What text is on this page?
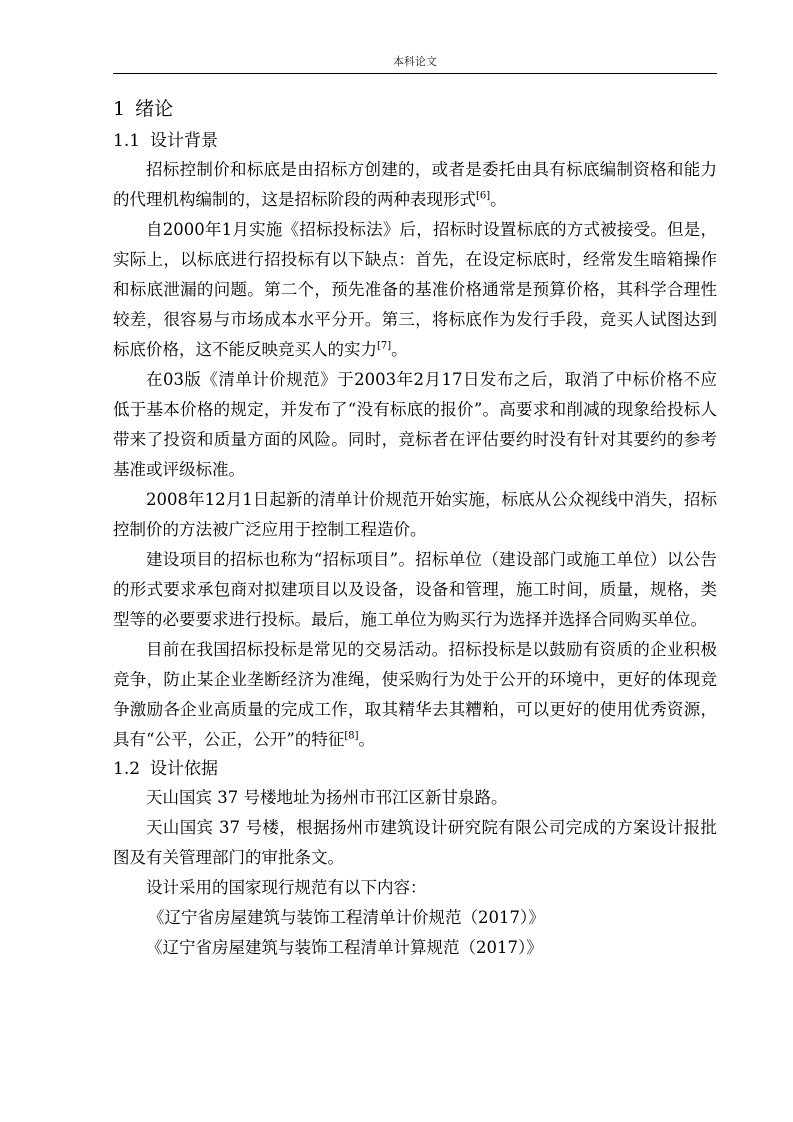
本科论文
1 绪论
1.1 设计背景

招标控制价和标底是由招标方创建的，或者是委托由具有标底编制资格和能力的代理机构编制的，这是招标阶段的两种表现形式[6]。

自2000年1月实施《招标投标法》后，招标时设置标底的方式被接受。但是，实际上，以标底进行招投标有以下缺点：首先，在设定标底时，经常发生暗箱操作和标底泄漏的问题。第二个，预先准备的基准价格通常是预算价格，其科学合理性较差，很容易与市场成本水平分开。第三，将标底作为发行手段，竞买人试图达到标底价格，这不能反映竞买人的实力[7]。

在03版《清单计价规范》于2003年2月17日发布之后，取消了中标价格不应低于基本价格的规定，并发布了“没有标底的报价”。高要求和削减的现象给投标人带来了投资和质量方面的风险。同时，竞标者在评估要约时没有针对其要约的参考基准或评级标准。

2008年12月1日起新的清单计价规范开始实施，标底从公众视线中消失，招标控制价的方法被广泛应用于控制工程造价。

建设项目的招标也称为“招标项目”。招标单位（建设部门或施工单位）以公告的形式要求承包商对拟建项目以及设备，设备和管理，施工时间，质量，规格，类型等的必要要求进行投标。最后，施工单位为购买行为选择并选择合同购买单位。

目前在我国招标投标是常见的交易活动。招标投标是以鼓励有资质的企业积极竞争，防止某企业垄断经济为准绳，使采购行为处于公开的环境中，更好的体现竞争激励各企业高质量的完成工作，取其精华去其糟粕，可以更好的使用优秀资源，具有“公平，公正，公开”的特征[8]。

1.2 设计依据

天山国宾 37 号楼地址为扬州市邗江区新甘泉路。

天山国宾 37 号楼，根据扬州市建筑设计研究院有限公司完成的方案设计报批图及有关管理部门的审批条文。

设计采用的国家现行规范有以下内容：

《辽宁省房屋建筑与装饰工程清单计价规范（2017）》

《辽宁省房屋建筑与装饰工程清单计算规范（2017）》
